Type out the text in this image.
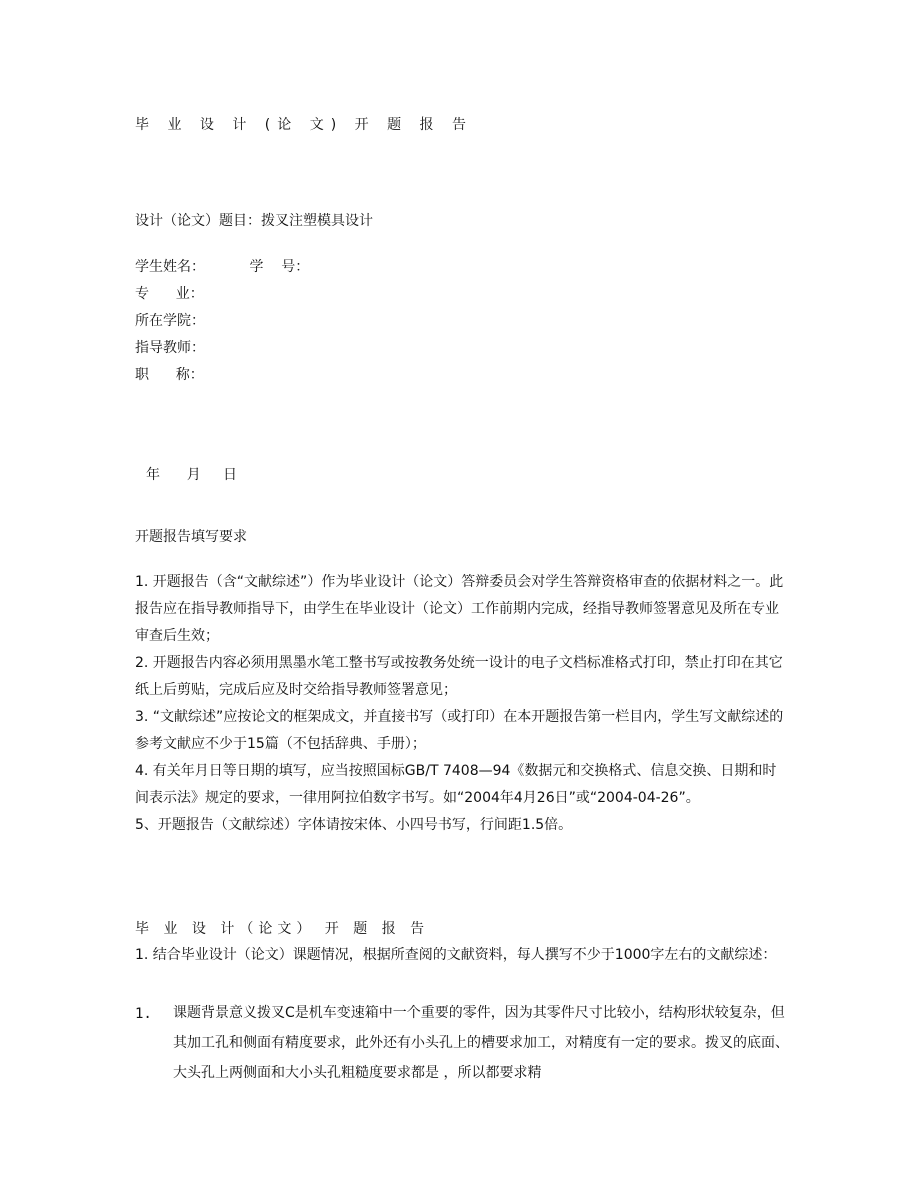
毕 业 设 计 (论 文) 开 题 报 告
设计（论文）题目：拨叉注塑模具设计
学生姓名：          学    号：
专      业：
所在学院：
指导教师：
职      称：
年      月     日
开题报告填写要求

1. 开题报告（含“文献综述”）作为毕业设计（论文）答辩委员会对学生答辩资格审查的依据材料之一。此报告应在指导教师指导下，由学生在毕业设计（论文）工作前期内完成，经指导教师签署意见及所在专业审查后生效；

2. 开题报告内容必须用黑墨水笔工整书写或按教务处统一设计的电子文档标准格式打印，禁止打印在其它纸上后剪贴，完成后应及时交给指导教师签署意见；

3. “文献综述”应按论文的框架成文，并直接书写（或打印）在本开题报告第一栏目内，学生写文献综述的参考文献应不少于15篇（不包括辞典、手册）；

4. 有关年月日等日期的填写，应当按照国标GB/T 7408—94《数据元和交换格式、信息交换、日期和时间表示法》规定的要求，一律用阿拉伯数字书写。如“2004年4月26日”或“2004-04-26”。

5、开题报告（文献综述）字体请按宋体、小四号书写，行间距1.5倍。

毕 业 设 计（论文） 开 题 报 告

1. 结合毕业设计（论文）课题情况，根据所查阅的文献资料，每人撰写不少于1000字左右的文献综述：

1. 课题背景意义拨叉C是机车变速箱中一个重要的零件，因为其零件尺寸比较小，结构形状较复杂，但其加工孔和侧面有精度要求，此外还有小头孔上的槽要求加工，对精度有一定的要求。拨叉的底面、大头孔上两侧面和大小头孔粗糙度要求都是 ，所以都要求精
